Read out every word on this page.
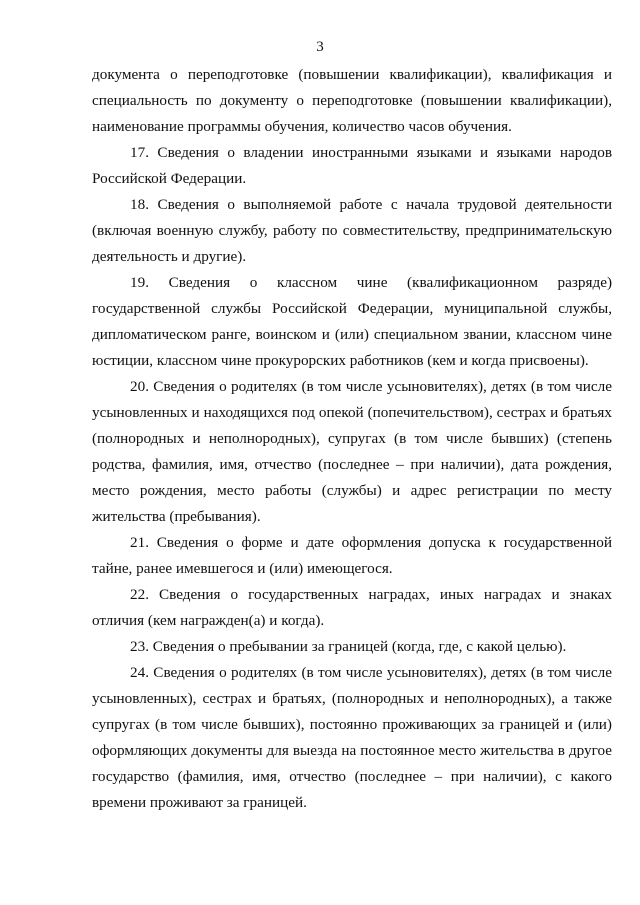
3

документа о переподготовке (повышении квалификации), квалификация и специальность по документу о переподготовке (повышении квалификации), наименование программы обучения, количество часов обучения.

17. Сведения о владении иностранными языками и языками народов Российской Федерации.

18. Сведения о выполняемой работе с начала трудовой деятельности (включая военную службу, работу по совместительству, предпринимательскую деятельность и другие).

19. Сведения о классном чине (квалификационном разряде) государственной службы Российской Федерации, муниципальной службы, дипломатическом ранге, воинском и (или) специальном звании, классном чине юстиции, классном чине прокурорских работников (кем и когда присвоены).

20. Сведения о родителях (в том числе усыновителях), детях (в том числе усыновленных и находящихся под опекой (попечительством), сестрах и братьях (полнородных и неполнородных), супругах (в том числе бывших) (степень родства, фамилия, имя, отчество (последнее – при наличии), дата рождения, место рождения, место работы (службы) и адрес регистрации по месту жительства (пребывания).

21. Сведения о форме и дате оформления допуска к государственной тайне, ранее имевшегося и (или) имеющегося.

22. Сведения о государственных наградах, иных наградах и знаках отличия (кем награжден(а) и когда).

23. Сведения о пребывании за границей (когда, где, с какой целью).

24. Сведения о родителях (в том числе усыновителях), детях (в том числе усыновленных), сестрах и братьях, (полнородных и неполнородных), а также супругах (в том числе бывших), постоянно проживающих за границей и (или) оформляющих документы для выезда на постоянное место жительства в другое государство (фамилия, имя, отчество (последнее – при наличии), с какого времени проживают за границей.
